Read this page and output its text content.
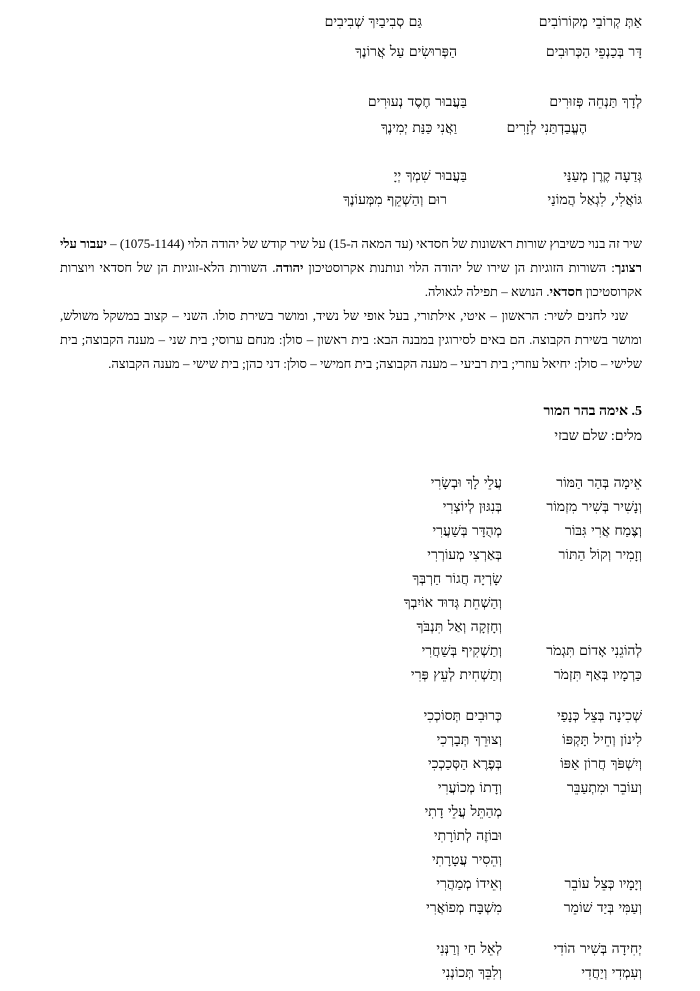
אַתְּ קְרוֹבֵי מְקוֹרוֹבִים
גַּם סְבִיבַיִךְ שְׁבִיבִים
דָּר בְּכַנְפֵי הַכְּרוּבִים
הַפְּרוּשִׂים עַל אֲרוֹנֶךָ
לְדָךְ תַּנְחֵה פְּזוּרִים
בַּעֲבוּר חֶסֶד נְעוּרִים
הֶעֱבַדְתַּנִי לְזָרִים
וַאֲנִי כַּנַּת יְמִינֶךָ
גְּדַעָה קֶרֶן מְעַנַּי
בַּעֲבוּר שִׁמְךָ יְיָ
גּוֹאֲלִי, לִגְאַל הֲמוֹנַי
רוּם וְהַשְׁקֵף מִמְּעוֹנֶךָ

שיר זה בנוי כשיבוץ שורות ראשונות של חסדאי (עד המאה ה-15) על שיר קודש של יהודה הלוי (1075-1144) – יעבור עלי רצונך: השורות הזוגיות הן שירו של יהודה הלוי ונותנות אקרוסטיכון יהודה. השורות הלא-זוגיות הן של חסדאי ויוצרות אקרוסטיכון חסדאי. הנושא – תפילה לגאולה.

שני לחנים לשיר: הראשון – איטי, אילתורי, בעל אופי של נשיד, ומושר בשירת סולו. השני – קצוב במשקל משולש, ומושר בשירת הקבוצה. הם באים לסירוגין במבנה הבא: בית ראשון – סולן: מנחם ערוסי; בית שני – מענה הקבוצה; בית שלישי – סולן: יחיאל עוזרי; בית רביעי – מענה הקבוצה; בית חמישי – סולן: דני כהן; בית שישי – מענה הקבוצה.

5. אימה בהר המור
מלים: שלם שבזי
אֵימָה בְּהַר הַמּוֹר
עֲלֵי לָךְ וּבְשָׂרִי
וְנָשִׁיר בְּשִׁיר מִזְמוֹר
בְּנִגּוּן לְיוֹצְרִי
וְצֶמַח אֲרִי גִּבּוֹר
מְהֻדָּר בְּשַׁעֲרִי
וְזָמִיר וְקוֹל הַתּוֹר
בְּאַרְצִי מְעוֹרְרִי
שָׂרְיָה חֲגוֹר חַרְבְּךָ
וְהַשְׁחֵת גְּדוּד אוֹיִבְךָ
וְחָזְקָה וְאַל תִּנְבֹּךָ
לְהוֹגֵנִי אָדוֹם תִּגְמֹר
וְתַשְׁקִיף בְּשַׁחֲרִי
כַּרְמָיו בְּאַף תִּזְמֹר
וְתַשְׁחִית לְעֵץ פְּרִי
שְׁכִינָה בְּצֵל כְּנָפַי
כְּרוּבִים תְּסוֹכְכִי
לִינוֹן וְחֵיל תָּקְפּוֹ
וְצוּרֵךְ תְּבָרְכִי
וְיִשְׁפֹּךְ חֲרוֹן אַפּוֹ
בְּפֶרֶא הַסְּכַכְכִי
וְעוֹבֵר וּמִתְעַבֵּר
וְדָתוֹ מְכוֹעֲרִי
מְהַתֵּל עֲלֵי דָתִי
וּבוֹזֶה לְתוֹרָתִי
וְהֵסִיר עֲטָרָתִי
וְיָמָיו כְּצֵל עוֹבֵר
וְאֵידוֹ מְמַהֲרִי
וְעַמִּי בְּיַד שׁוֹמֵר
מִשְׁבָּח מְפוֹאֲרִי
יְחִידָה בְּשִׁיר הוֹדִי
לְאֵל חַי וְרַנְּנִי
וְעִמְדִי וְיַחֲדִי
וְלִבֵּךְ תְּכוֹנְנִי
